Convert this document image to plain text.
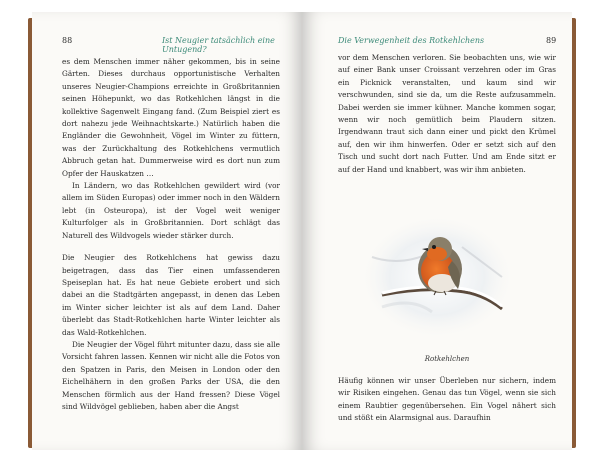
88	Ist Neugier tatsächlich eine Untugend?

es dem Menschen immer näher gekommen, bis in seine Gärten. Dieses durchaus opportunistische Verhalten unseres Neugier-Champions erreichte in Großbritannien seinen Höhepunkt, wo das Rotkehlchen längst in die kollektive Sagenwelt Eingang fand. (Zum Beispiel ziert es dort nahezu jede Weihnachtskarte.) Natürlich haben die Engländer die Gewohnheit, Vögel im Winter zu füttern, was der Zurückhaltung des Rotkehlchens vermutlich Abbruch getan hat. Dummerweise wird es dort nun zum Opfer der Hauskatzen …

In Ländern, wo das Rotkehlchen gewildert wird (vor allem im Süden Europas) oder immer noch in den Wäldern lebt (in Osteuropa), ist der Vogel weit weniger Kulturfolger als in Großbritannien. Dort schlägt das Naturell des Wildvogels wieder stärker durch.

Die Neugier des Rotkehlchens hat gewiss dazu beigetragen, dass das Tier einen umfassenderen Speiseplan hat. Es hat neue Gebiete erobert und sich dabei an die Stadtgärten angepasst, in denen das Leben im Winter sicher leichter ist als auf dem Land. Daher überlebt das Stadt-Rotkehlchen harte Winter leichter als das Wald-Rotkehlchen.

Die Neugier der Vögel führt mitunter dazu, dass sie alle Vorsicht fahren lassen. Kennen wir nicht alle die Fotos von den Spatzen in Paris, den Meisen in London oder den Eichelhähern in den großen Parks der USA, die den Menschen förmlich aus der Hand fressen? Diese Vögel sind Wildvögel geblieben, haben aber die Angst

Die Verwegenheit des Rotkehlchens	89

vor dem Menschen verloren. Sie beobachten uns, wie wir auf einer Bank unser Croissant verzehren oder im Gras ein Picknick veranstalten, und kaum sind wir verschwunden, sind sie da, um die Reste aufzusammeln. Dabei werden sie immer kühner. Manche kommen sogar, wenn wir noch gemütlich beim Plaudern sitzen. Irgendwann traut sich dann einer und pickt den Krümel auf, den wir ihm hinwerfen. Oder er setzt sich auf den Tisch und sucht dort nach Futter. Und am Ende sitzt er auf der Hand und knabbert, was wir ihm anbieten.

Rotkehlchen

Häufig können wir unser Überleben nur sichern, indem wir Risiken eingehen. Genau das tun Vögel, wenn sie sich einem Raubtier gegenübersehen. Ein Vogel nähert sich und stößt ein Alarmsignal aus. Daraufhin
